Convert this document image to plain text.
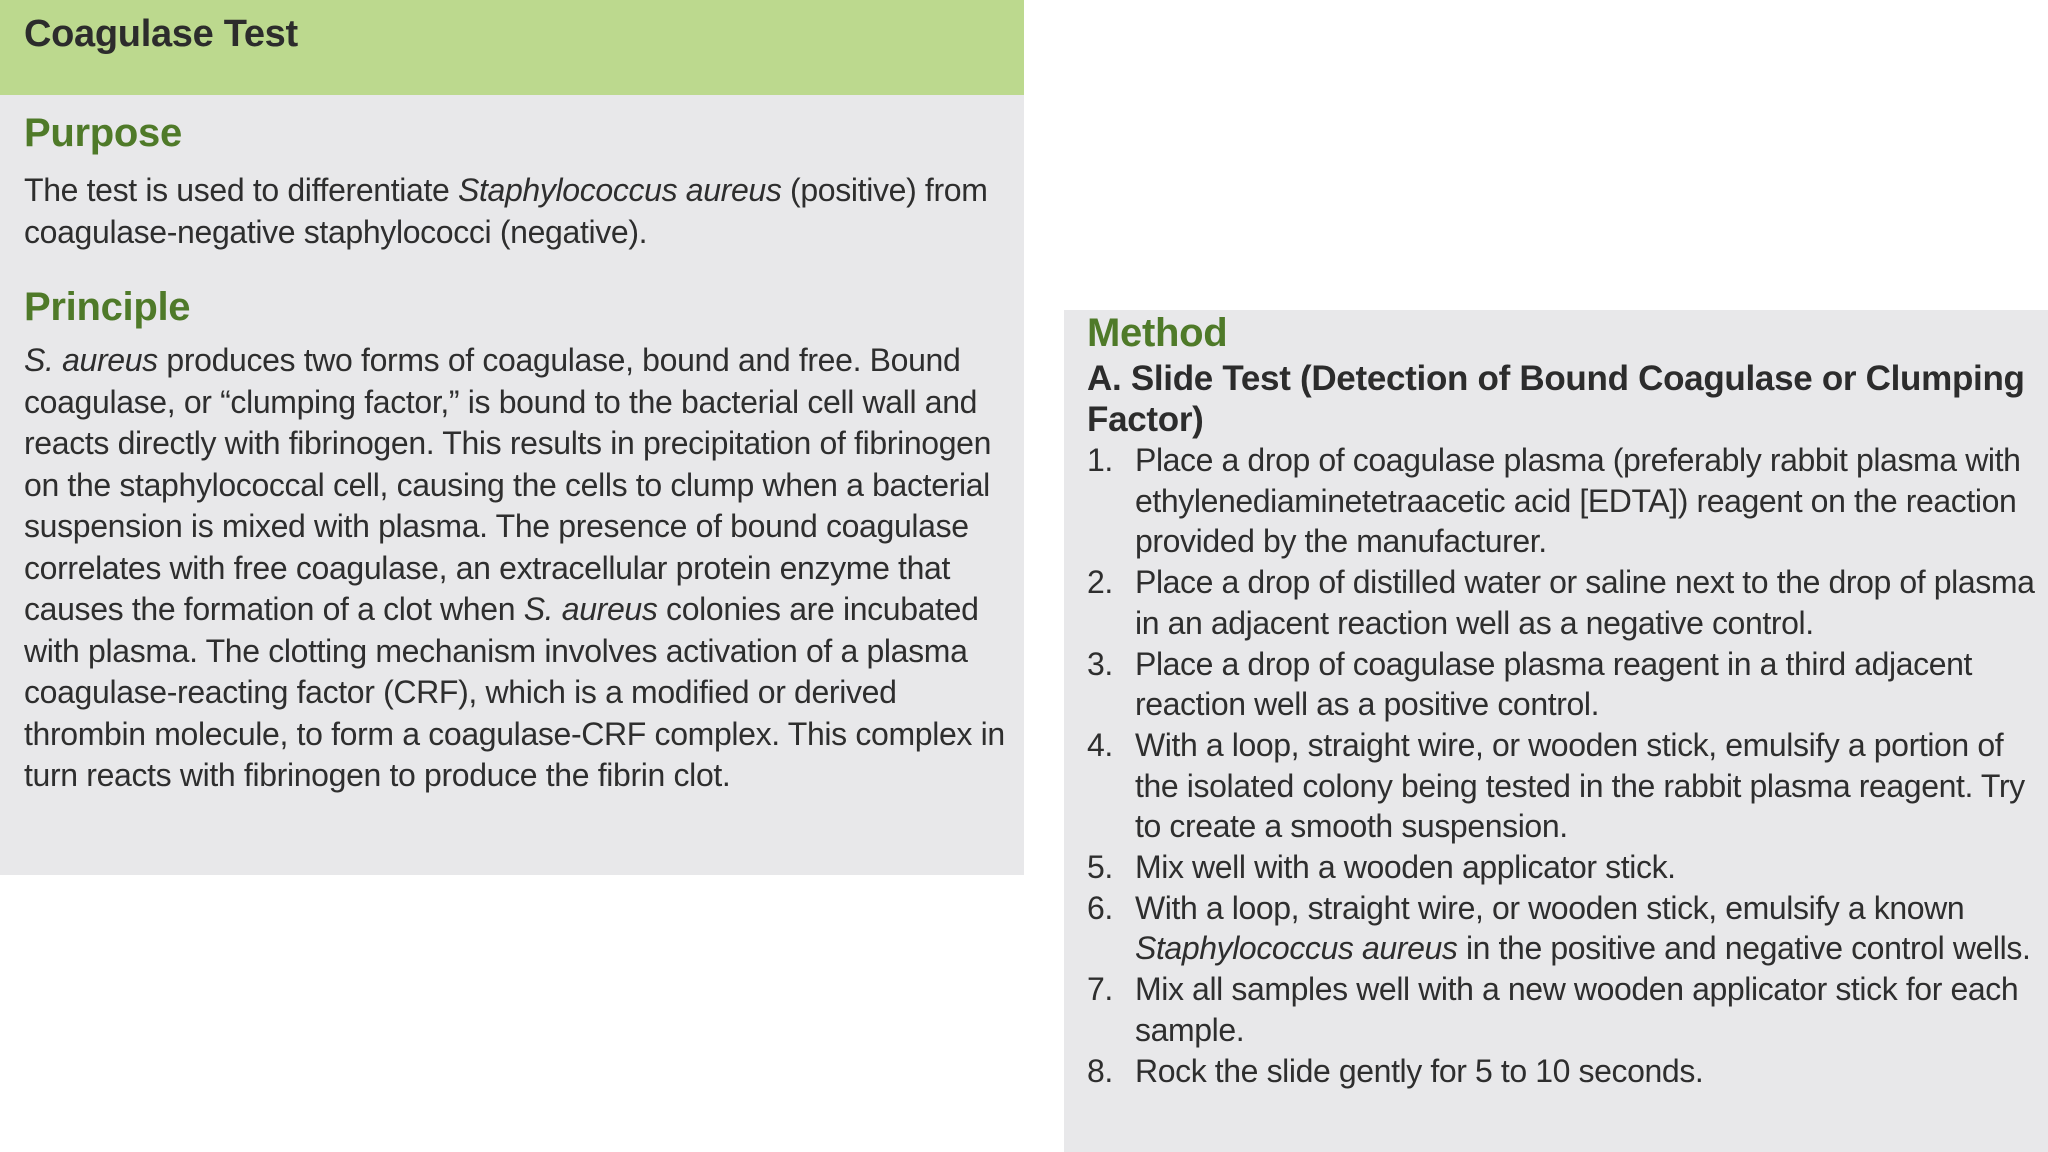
Coagulase Test
Purpose

The test is used to differentiate Staphylococcus aureus (positive) from coagulase-negative staphylococci (negative).

Principle

S. aureus produces two forms of coagulase, bound and free. Bound coagulase, or “clumping factor,” is bound to the bacterial cell wall and reacts directly with fibrinogen. This results in precipitation of fibrinogen on the staphylococcal cell, causing the cells to clump when a bacterial suspension is mixed with plasma. The presence of bound coagulase correlates with free coagulase, an extracellular protein enzyme that causes the formation of a clot when S. aureus colonies are incubated with plasma. The clotting mechanism involves activation of a plasma coagulase-reacting factor (CRF), which is a modified or derived thrombin molecule, to form a coagulase-CRF complex. This complex in turn reacts with fibrinogen to produce the fibrin clot.

Method
A. Slide Test (Detection of Bound Coagulase or Clumping Factor)
1. Place a drop of coagulase plasma (preferably rabbit plasma with ethylenediaminetetraacetic acid [EDTA]) reagent on the reaction provided by the manufacturer.
2. Place a drop of distilled water or saline next to the drop of plasma in an adjacent reaction well as a negative control.
3. Place a drop of coagulase plasma reagent in a third adjacent reaction well as a positive control.
4. With a loop, straight wire, or wooden stick, emulsify a portion of the isolated colony being tested in the rabbit plasma reagent. Try to create a smooth suspension.
5. Mix well with a wooden applicator stick.
6. With a loop, straight wire, or wooden stick, emulsify a known Staphylococcus aureus in the positive and negative control wells.
7. Mix all samples well with a new wooden applicator stick for each sample.
8. Rock the slide gently for 5 to 10 seconds.
